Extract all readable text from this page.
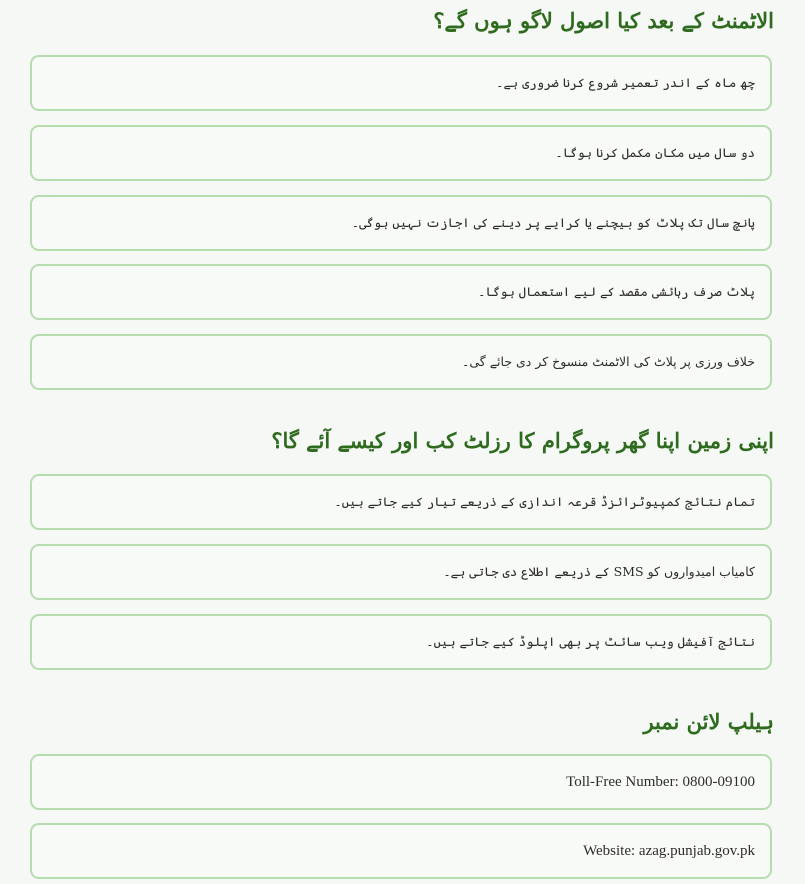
الاٹمنٹ کے بعد کیا اصول لاگو ہوں گے؟
چھ ماہ کے اندر تعمیر شروع کرنا ضروری ہے۔
دو سال میں مکان مکمل کرنا ہوگا۔
پانچ سال تک پلاٹ کو بیچنے یا کرایے پر دینے کی اجازت نہیں ہوگی۔
پلاٹ صرف رہائشی مقصد کے لیے استعمال ہوگا۔
خلاف ورزی پر پلاٹ کی الاٹمنٹ منسوخ کر دی جائے گی۔
اپنی زمین اپنا گھر پروگرام کا رزلٹ کب اور کیسے آئے گا؟
تمام نتائج کمپیوٹرائزڈ قرعہ اندازی کے ذریعے تیار کیے جاتے ہیں۔
کامیاب امیدواروں کو SMS کے ذریعے اطلاع دی جاتی ہے۔
نتائج آفیشل ویب سائٹ پر بھی اپلوڈ کیے جاتے ہیں۔
ہیلپ لائن نمبر
Toll-Free Number: 0800-09100
Website: azag.punjab.gov.pk
